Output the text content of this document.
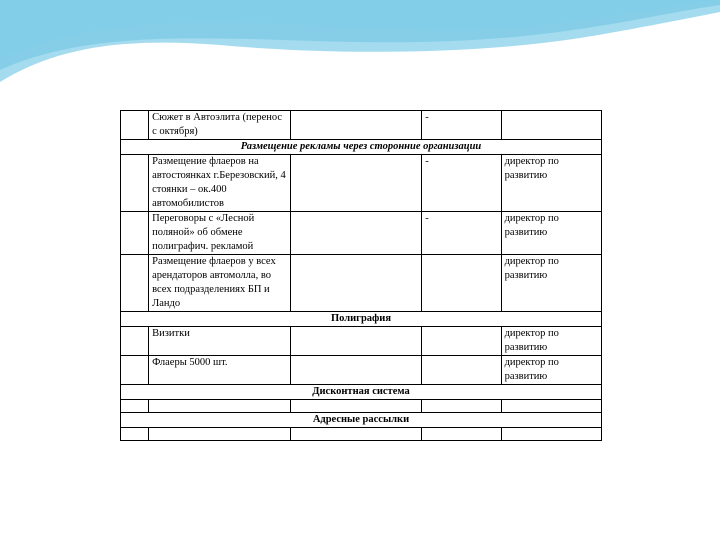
	Сюжет в Автоэлита (перенос с октября)		-	
Размещение рекламы через сторонние организации				
	Размещение флаеров на автостоянках г.Березовский, 4 стоянки – ок.400 автомобилистов		-	директор по развитию
	Переговоры с «Лесной поляной» об обмене полиграфич. рекламой		-	директор по развитию
	Размещение флаеров у всех арендаторов автомолла, во всех подразделениях БП и Ландо			директор по развитию
Полиграфия				
	Визитки			директор по развитию
	Флаеры 5000 шт.			директор по развитию
Дисконтная система				

Адресные рассылки				
